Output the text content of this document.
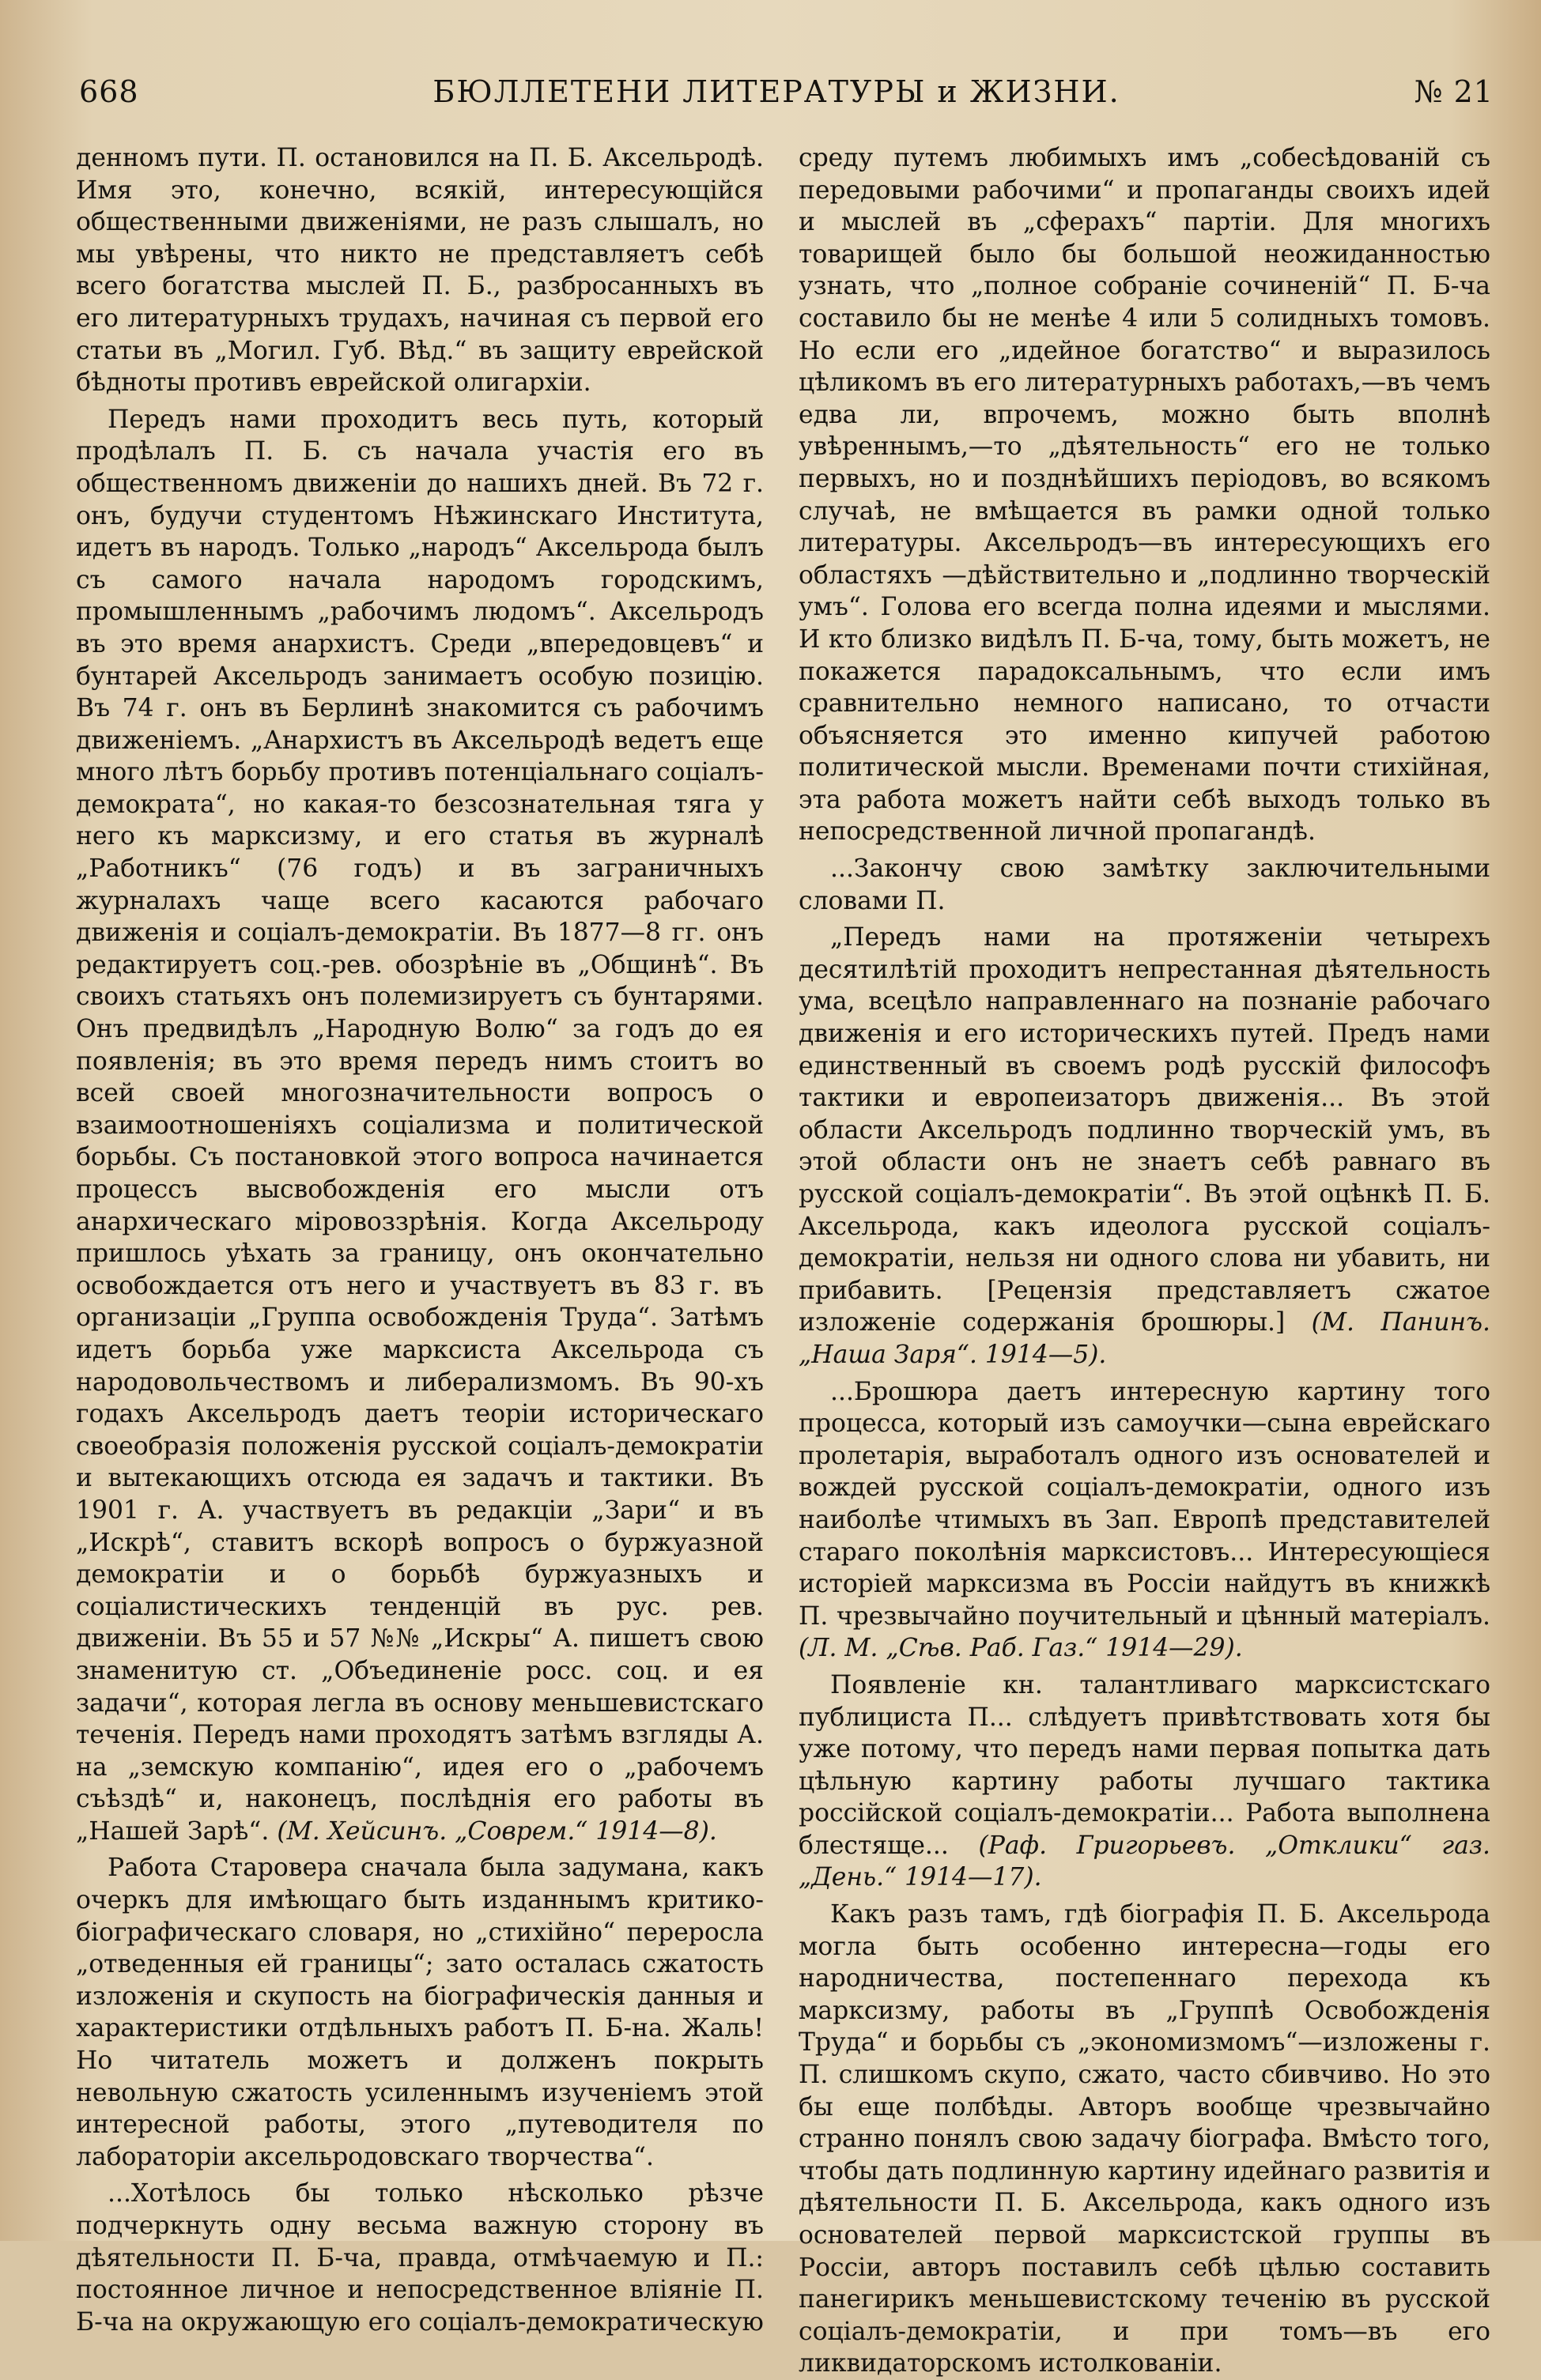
668	БЮЛЛЕТЕНИ ЛИТЕРАТУРЫ и ЖИЗНИ.	№ 21

денномъ пути. П. остановился на П. Б. Аксельродѣ. Имя это, конечно, всякій, интересующійся общественными движеніями, не разъ слышалъ, но мы увѣрены, что никто не представляетъ себѣ всего богатства мыслей П. Б., разбросанныхъ въ его литературныхъ трудахъ, начиная съ первой его статьи въ „Могил. Губ. Вѣд.“ въ защиту еврейской бѣдноты противъ еврейской олигархіи.

Передъ нами проходитъ весь путь, который продѣлалъ П. Б. съ начала участія его въ общественномъ движеніи до нашихъ дней. Въ 72 г. онъ, будучи студентомъ Нѣжинскаго Института, идетъ въ народъ. Только „народъ“ Аксельрода былъ съ самого начала народомъ городскимъ, промышленнымъ „рабочимъ людомъ“. Аксельродъ въ это время анархистъ. Среди „впередовцевъ“ и бунтарей Аксельродъ занимаетъ особую позицію. Въ 74 г. онъ въ Берлинѣ знакомится съ рабочимъ движеніемъ. „Анархистъ въ Аксельродѣ ведетъ еще много лѣтъ борьбу противъ потенціальнаго соціалъ-демократа“, но какая-то безсознательная тяга у него къ марксизму, и его статья въ журналѣ „Работникъ“ (76 годъ) и въ заграничныхъ журналахъ чаще всего касаются рабочаго движенія и соціалъ-демократіи. Въ 1877—8 гг. онъ редактируетъ соц.-рев. обозрѣніе въ „Общинѣ“. Въ своихъ статьяхъ онъ полемизируетъ съ бунтарями. Онъ предвидѣлъ „Народную Волю“ за годъ до ея появленія; въ это время передъ нимъ стоитъ во всей своей многозначительности вопросъ о взаимоотношеніяхъ соціализма и политической борьбы. Съ постановкой этого вопроса начинается процессъ высвобожденія его мысли отъ анархическаго міровоззрѣнія. Когда Аксельроду пришлось уѣхать за границу, онъ окончательно освобождается отъ него и участвуетъ въ 83 г. въ организаціи „Группа освобожденія Труда“. Затѣмъ идетъ борьба уже марксиста Аксельрода съ народовольчествомъ и либерализмомъ. Въ 90-хъ годахъ Аксельродъ даетъ теоріи историческаго своеобразія положенія русской соціалъ-демократіи и вытекающихъ отсюда ея задачъ и тактики. Въ 1901 г. А. участвуетъ въ редакціи „Зари“ и въ „Искрѣ“, ставитъ вскорѣ вопросъ о буржуазной демократіи и о борьбѣ буржуазныхъ и соціалистическихъ тенденцій въ рус. рев. движеніи. Въ 55 и 57 №№ „Искры“ А. пишетъ свою знаменитую ст. „Объединеніе росс. соц. и ея задачи“, которая легла въ основу меньшевистскаго теченія. Передъ нами проходятъ затѣмъ взгляды А. на „земскую компанію“, идея его о „рабочемъ съѣздѣ“ и, наконецъ, послѣднія его работы въ „Нашей Зарѣ“. (М. Хейсинъ. „Соврем.“ 1914—8).

Работа Староверa сначала была задумана, какъ очеркъ для имѣющаго быть изданнымъ критико-біографическаго словаря, но „стихійно“ переросла „отведенныя ей границы“; зато осталась сжатость изложенія и скупость на біографическія данныя и характеристики отдѣльныхъ работъ П. Б-на. Жаль! Но читатель можетъ и долженъ покрыть невольную сжатость усиленнымъ изученіемъ этой интересной работы, этого „путеводителя по лабораторіи аксельродовскаго творчества“.

...Хотѣлось бы только нѣсколько рѣзче подчеркнуть одну весьма важную сторону въ дѣятельности П. Б-ча, правда, отмѣчаемую и П.: постоянное личное и непосредственное вліяніе П. Б-ча на окружающую его соціалъ-демократическую

среду путемъ любимыхъ имъ „собесѣдованій съ передовыми рабочими“ и пропаганды своихъ идей и мыслей въ „сферахъ“ партіи. Для многихъ товарищей было бы большой неожиданностью узнать, что „полное собраніе сочиненій“ П. Б-ча составило бы не менѣе 4 или 5 солидныхъ томовъ. Но если его „идейное богатство“ и выразилось цѣликомъ въ его литературныхъ работахъ,—въ чемъ едва ли, впрочемъ, можно быть вполнѣ увѣреннымъ,—то „дѣятельность“ его не только первыхъ, но и позднѣйшихъ періодовъ, во всякомъ случаѣ, не вмѣщается въ рамки одной только литературы. Аксельродъ—въ интересующихъ его областяхъ —дѣйствительно и „подлинно творческій умъ“. Голова его всегда полна идеями и мыслями. И кто близко видѣлъ П. Б-ча, тому, быть можетъ, не покажется парадоксальнымъ, что если имъ сравнительно немного написано, то отчасти объясняется это именно кипучей работою политической мысли. Временами почти стихійная, эта работа можетъ найти себѣ выходъ только въ непосредственной личной пропагандѣ.

...Закончу свою замѣтку заключительными словами П.

„Передъ нами на протяженіи четырехъ десятилѣтій проходитъ непрестанная дѣятельность ума, всецѣло направленнаго на познаніе рабочаго движенія и его историческихъ путей. Предъ нами единственный въ своемъ родѣ русскій философъ тактики и европеизаторъ движенія... Въ этой области Аксельродъ подлинно творческій умъ, въ этой области онъ не знаетъ себѣ равнаго въ русской соціалъ-демократіи“. Въ этой оцѣнкѣ П. Б. Аксельрода, какъ идеолога русской соціалъ-демократіи, нельзя ни одного слова ни убавить, ни прибавить. [Рецензія представляетъ сжатое изложеніе содержанія брошюры.] (М. Панинъ. „Наша Заря“. 1914—5).

...Брошюра даетъ интересную картину того процесса, который изъ самоучки—сына еврейскаго пролетарія, выработалъ одного изъ основателей и вождей русской соціалъ-демократіи, одного изъ наиболѣе чтимыхъ въ Зап. Европѣ представителей стараго поколѣнія марксистовъ... Интересующіеся исторіей марксизма въ Россіи найдутъ въ книжкѣ П. чрезвычайно поучительный и цѣнный матеріалъ. (Л. М. „Сѣв. Раб. Газ.“ 1914—29).

Появленіе кн. талантливаго марксистскаго публициста П... слѣдуетъ привѣтствовать хотя бы уже потому, что передъ нами первая попытка дать цѣльную картину работы лучшаго тактика россійской соціалъ-демократіи... Работа выполнена блестяще... (Раф. Григорьевъ. „Отклики“ газ. „День.“ 1914—17).

Какъ разъ тамъ, гдѣ біографія П. Б. Аксельрода могла быть особенно интересна—годы его народничества, постепеннаго перехода къ марксизму, работы въ „Группѣ Освобожденія Труда“ и борьбы съ „экономизмомъ“—изложены г. П. слишкомъ скупо, сжато, часто сбивчиво. Но это бы еще полбѣды. Авторъ вообще чрезвычайно странно понялъ свою задачу біографа. Вмѣсто того, чтобы дать подлинную картину идейнаго развитія и дѣятельности П. Б. Аксельрода, какъ одного изъ основателей первой марксистской группы въ Россіи, авторъ поставилъ себѣ цѣлью составить панегирикъ меньшевистскому теченію въ русской соціалъ-демократіи, и при томъ—въ его ликвидаторскомъ истолкованіи.
